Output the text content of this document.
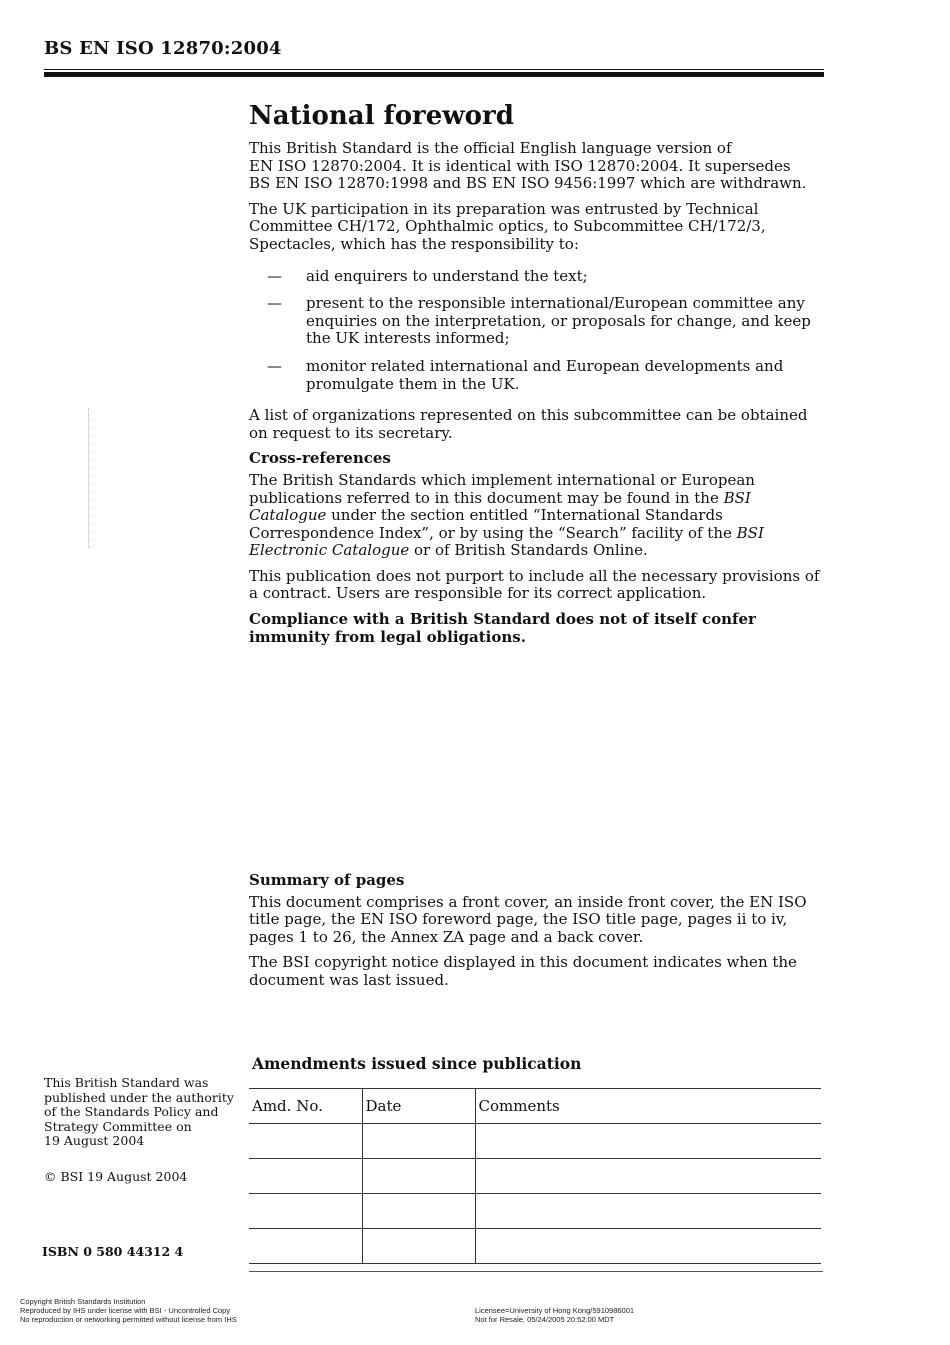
BS EN ISO 12870:2004
National foreword

This British Standard is the official English language version of
EN ISO 12870:2004. It is identical with ISO 12870:2004. It supersedes
BS EN ISO 12870:1998 and BS EN ISO 9456:1997 which are withdrawn.

The UK participation in its preparation was entrusted by Technical Committee CH/172, Ophthalmic optics, to Subcommittee CH/172/3, Spectacles, which has the responsibility to:

— aid enquirers to understand the text;
— present to the responsible international/European committee any enquiries on the interpretation, or proposals for change, and keep the UK interests informed;
— monitor related international and European developments and promulgate them in the UK.

A list of organizations represented on this subcommittee can be obtained on request to its secretary.

Cross-references

The British Standards which implement international or European publications referred to in this document may be found in the BSI Catalogue under the section entitled “International Standards Correspondence Index”, or by using the “Search” facility of the BSI Electronic Catalogue or of British Standards Online.

This publication does not purport to include all the necessary provisions of a contract. Users are responsible for its correct application.

Compliance with a British Standard does not of itself confer immunity from legal obligations.

Summary of pages

This document comprises a front cover, an inside front cover, the EN ISO title page, the EN ISO foreword page, the ISO title page, pages ii to iv, pages 1 to 26, the Annex ZA page and a back cover.

The BSI copyright notice displayed in this document indicates when the document was last issued.

This British Standard was
published under the authority
of the Standards Policy and
Strategy Committee on
19 August 2004
© BSI 19 August 2004
ISBN 0 580 44312 4
Amendments issued since publication
Amd. No.	Date	Comments

Copyright British Standards Institution
Reproduced by IHS under license with BSI - Uncontrolled Copy
No reproduction or networking permitted without license from IHS
Licensee=University of Hong Kong/5910986001
Not for Resale, 05/24/2005 20:52:00 MDT
